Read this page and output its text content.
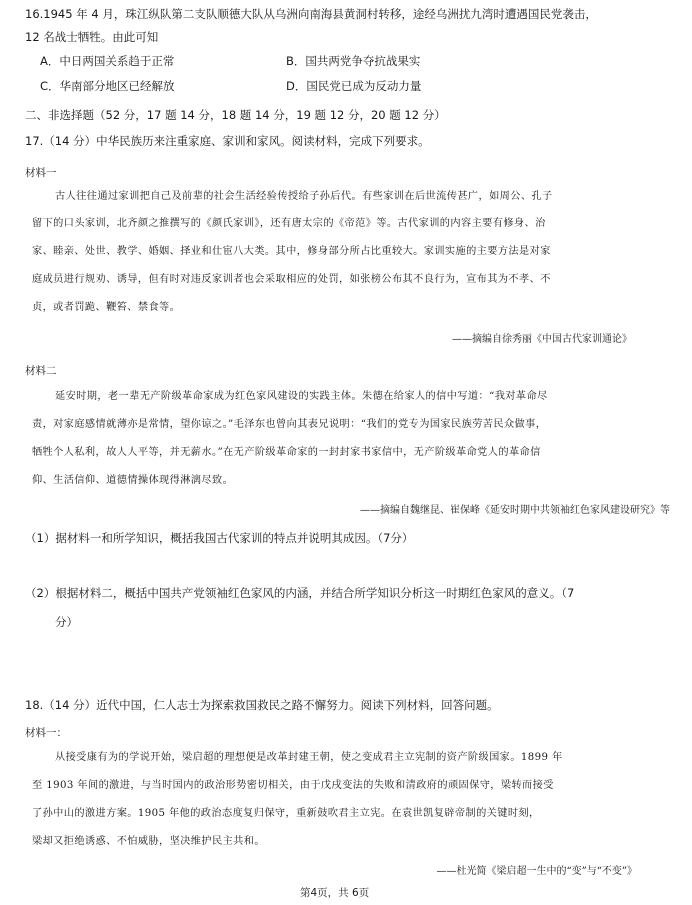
16.1945 年 4 月，珠江纵队第二支队顺德大队从乌洲向南海县黄洞村转移，途经乌洲扰九湾时遭遇国民党袭击，
12 名战士牺牲。由此可知
A．中日两国关系趋于正常	B．国共两党争夺抗战果实
C．华南部分地区已经解放	D．国民党已成为反动力量
二、非选择题（52 分，17 题 14 分，18 题 14 分，19 题 12 分，20 题 12 分）
17.（14 分）中华民族历来注重家庭、家训和家风。阅读材料，完成下列要求。
材料一
古人往往通过家训把自己及前辈的社会生活经验传授给子孙后代。有些家训在后世流传甚广，如周公、孔子
留下的口头家训，北齐颜之推撰写的《颜氏家训》，还有唐太宗的《帝范》等。古代家训的内容主要有修身、治
家、睦亲、处世、教学、婚姻、择业和仕宦八大类。其中，修身部分所占比重较大。家训实施的主要方法是对家
庭成员进行规劝、诱导，但有时对违反家训者也会采取相应的处罚，如张榜公布其不良行为，宣布其为不孝、不
贞，或者罚跪、鞭笞、禁食等。
——摘编自徐秀丽《中国古代家训通论》
材料二
延安时期，老一辈无产阶级革命家成为红色家风建设的实践主体。朱德在给家人的信中写道：“我对革命尽
责，对家庭感情就薄亦是常情，望你谅之。”毛泽东也曾向其表兄说明：“我们的党专为国家民族劳苦民众做事，
牺牲个人私利，故人人平等，并无薪水。”在无产阶级革命家的一封封家书家信中，无产阶级革命党人的革命信
仰、生活信仰、道德情操体现得淋漓尽致。
——摘编自魏继昆、崔保峰《延安时期中共领袖红色家风建设研究》等
（1）据材料一和所学知识，概括我国古代家训的特点并说明其成因。（7分）
（2）根据材料二，概括中国共产党领袖红色家风的内涵，并结合所学知识分析这一时期红色家风的意义。（7
分）
18.（14 分）近代中国，仁人志士为探索救国救民之路不懈努力。阅读下列材料，回答问题。
材料一：
从接受康有为的学说开始，梁启超的理想便是改革封建王朝，使之变成君主立宪制的资产阶级国家。1899 年
至 1903 年间的激进，与当时国内的政治形势密切相关，由于戊戌变法的失败和清政府的顽固保守，梁转而接受
了孙中山的激进方案。1905 年他的政治态度复归保守，重新鼓吹君主立宪。在袁世凯复辟帝制的关键时刻，
梁却又拒绝诱惑、不怕威胁，坚决维护民主共和。
——杜光简《梁启超一生中的“变”与“不变”》
第4页，共 6页
